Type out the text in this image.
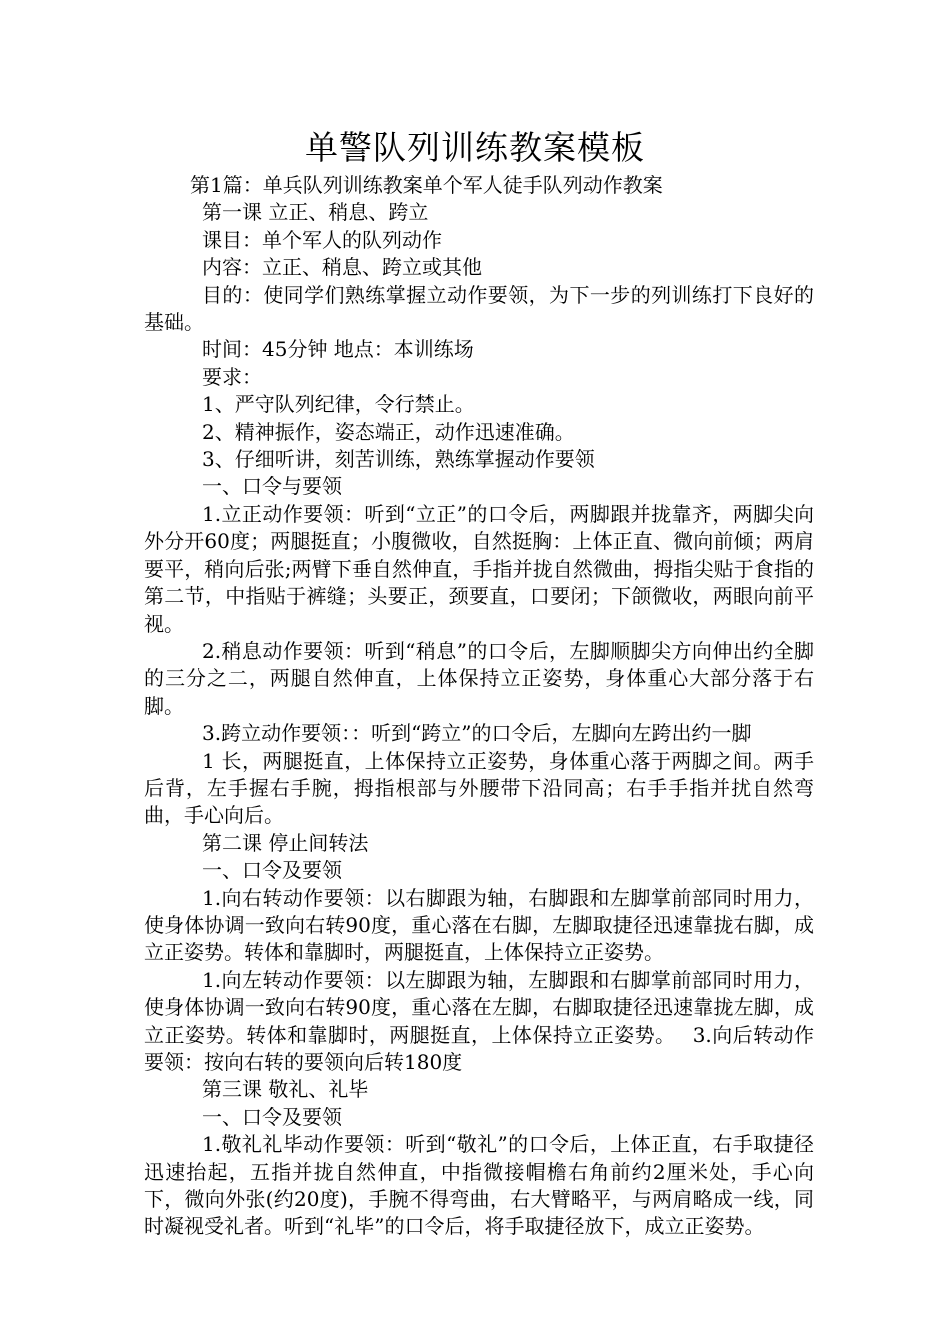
单警队列训练教案模板

第1篇：单兵队列训练教案单个军人徒手队列动作教案

第一课 立正、稍息、跨立

课目：单个军人的队列动作

内容：立正、稍息、跨立或其他

目的：使同学们熟练掌握立动作要领，为下一步的列训练打下良好的基础。

时间：45分钟 地点：本训练场

要求：

1、严守队列纪律，令行禁止。

2、精神振作，姿态端正，动作迅速准确。

3、仔细听讲，刻苦训练，熟练掌握动作要领

一、口令与要领

1.立正动作要领：听到“立正”的口令后，两脚跟并拢靠齐，两脚尖向外分开60度；两腿挺直；小腹微收，自然挺胸：上体正直、微向前倾；两肩要平，稍向后张;两臂下垂自然伸直，手指并拢自然微曲，拇指尖贴于食指的第二节，中指贴于裤缝；头要正，颈要直，口要闭；下颌微收，两眼向前平视。

2.稍息动作要领：听到“稍息”的口令后，左脚顺脚尖方向伸出约全脚的三分之二，两腿自然伸直，上体保持立正姿势，身体重心大部分落于右脚。

3.跨立动作要领：：听到“跨立”的口令后，左脚向左跨出约一脚

1 长，两腿挺直，上体保持立正姿势，身体重心落于两脚之间。两手后背，左手握右手腕，拇指根部与外腰带下沿同高；右手手指并扰自然弯曲，手心向后。

第二课 停止间转法

一、口令及要领

1.向右转动作要领：以右脚跟为轴，右脚跟和左脚掌前部同时用力，使身体协调一致向右转90度，重心落在右脚，左脚取捷径迅速靠拢右脚，成立正姿势。转体和靠脚时，两腿挺直，上体保持立正姿势。

1.向左转动作要领：以左脚跟为轴，左脚跟和右脚掌前部同时用力，使身体协调一致向右转90度，重心落在左脚，右脚取捷径迅速靠拢左脚，成立正姿势。转体和靠脚时，两腿挺直，上体保持立正姿势。　 3.向后转动作要领：按向右转的要领向后转180度

第三课 敬礼、礼毕

一、口令及要领

1.敬礼礼毕动作要领：听到“敬礼”的口令后，上体正直，右手取捷径迅速抬起，五指并拢自然伸直，中指微接帽檐右角前约2厘米处，手心向下，微向外张(约20度)，手腕不得弯曲，右大臂略平，与两肩略成一线，同时凝视受礼者。听到“礼毕”的口令后，将手取捷径放下，成立正姿势。
